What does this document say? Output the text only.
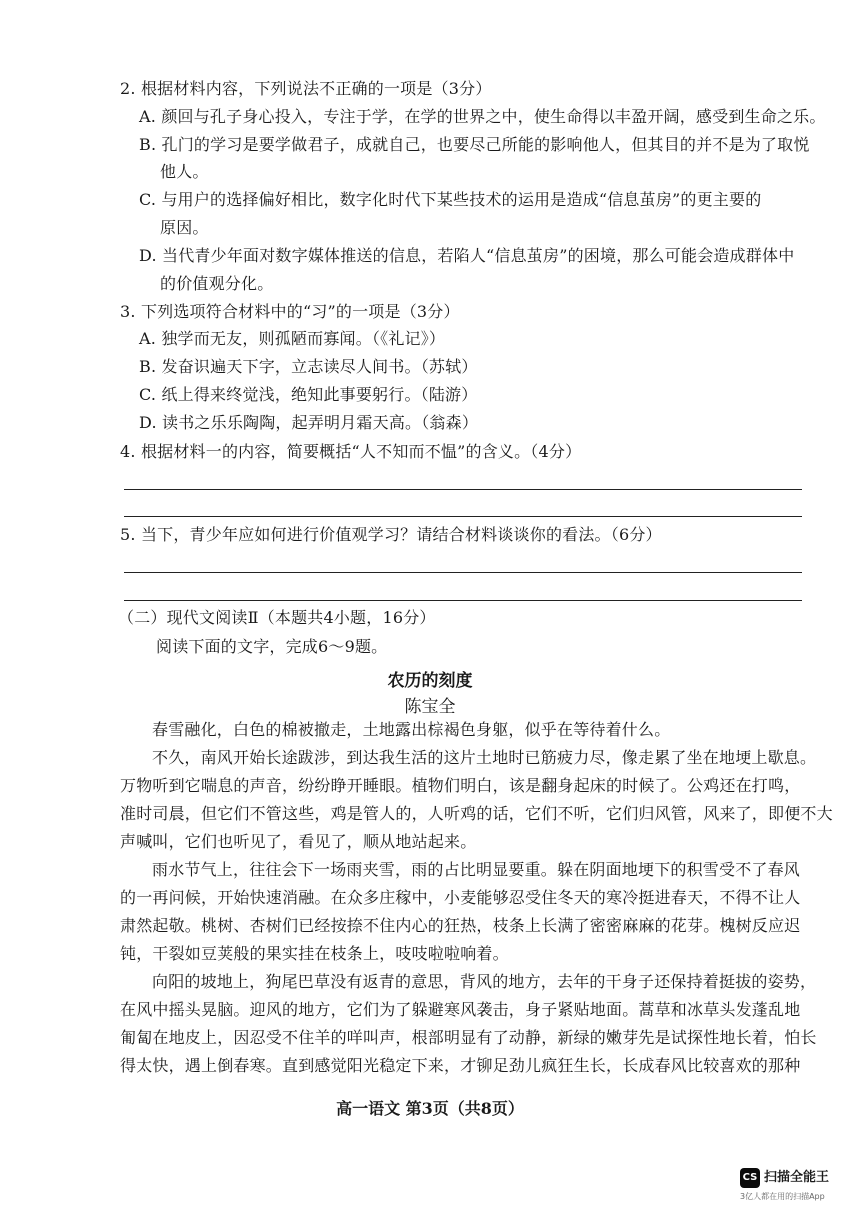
2. 根据材料内容，下列说法不正确的一项是（3分）
A. 颜回与孔子身心投入，专注于学，在学的世界之中，使生命得以丰盈开阔，感受到生命之乐。
B. 孔门的学习是要学做君子，成就自己，也要尽己所能的影响他人，但其目的并不是为了取悦
他人。
C. 与用户的选择偏好相比，数字化时代下某些技术的运用是造成“信息茧房”的更主要的
原因。
D. 当代青少年面对数字媒体推送的信息，若陷人“信息茧房”的困境，那么可能会造成群体中
的价值观分化。
3. 下列选项符合材料中的“习”的一项是（3分）
A. 独学而无友，则孤陋而寡闻。（《礼记》）
B. 发奋识遍天下字，立志读尽人间书。（苏轼）
C. 纸上得来终觉浅，绝知此事要躬行。（陆游）
D. 读书之乐乐陶陶，起弄明月霜天高。（翁森）
4. 根据材料一的内容，简要概括“人不知而不愠”的含义。（4分）
5. 当下，青少年应如何进行价值观学习？请结合材料谈谈你的看法。（6分）
（二）现代文阅读Ⅱ（本题共4小题，16分）
阅读下面的文字，完成6～9题。
农历的刻度
陈宝全
春雪融化，白色的棉被撤走，土地露出棕褐色身躯，似乎在等待着什么。
不久，南风开始长途跋涉，到达我生活的这片土地时已筋疲力尽，像走累了坐在地埂上歇息。
万物听到它喘息的声音，纷纷睁开睡眼。植物们明白，该是翻身起床的时候了。公鸡还在打鸣，
准时司晨，但它们不管这些，鸡是管人的，人听鸡的话，它们不听，它们归风管，风来了，即便不大
声喊叫，它们也听见了，看见了，顺从地站起来。
雨水节气上，往往会下一场雨夹雪，雨的占比明显要重。躲在阴面地埂下的积雪受不了春风
的一再问候，开始快速消融。在众多庄稼中，小麦能够忍受住冬天的寒冷挺进春天，不得不让人
肃然起敬。桃树、杏树们已经按捺不住内心的狂热，枝条上长满了密密麻麻的花芽。槐树反应迟
钝，干裂如豆荚般的果实挂在枝条上，吱吱啦啦响着。
向阳的坡地上，狗尾巴草没有返青的意思，背风的地方，去年的干身子还保持着挺拔的姿势，
在风中摇头晃脑。迎风的地方，它们为了躲避寒风袭击，身子紧贴地面。蒿草和冰草头发蓬乱地
匍匐在地皮上，因忍受不住羊的咩叫声，根部明显有了动静，新绿的嫩芽先是试探性地长着，怕长
得太快，遇上倒春寒。直到感觉阳光稳定下来，才铆足劲儿疯狂生长，长成春风比较喜欢的那种
高一语文 第3页（共8页）
CS 扫描全能王
3亿人都在用的扫描App
